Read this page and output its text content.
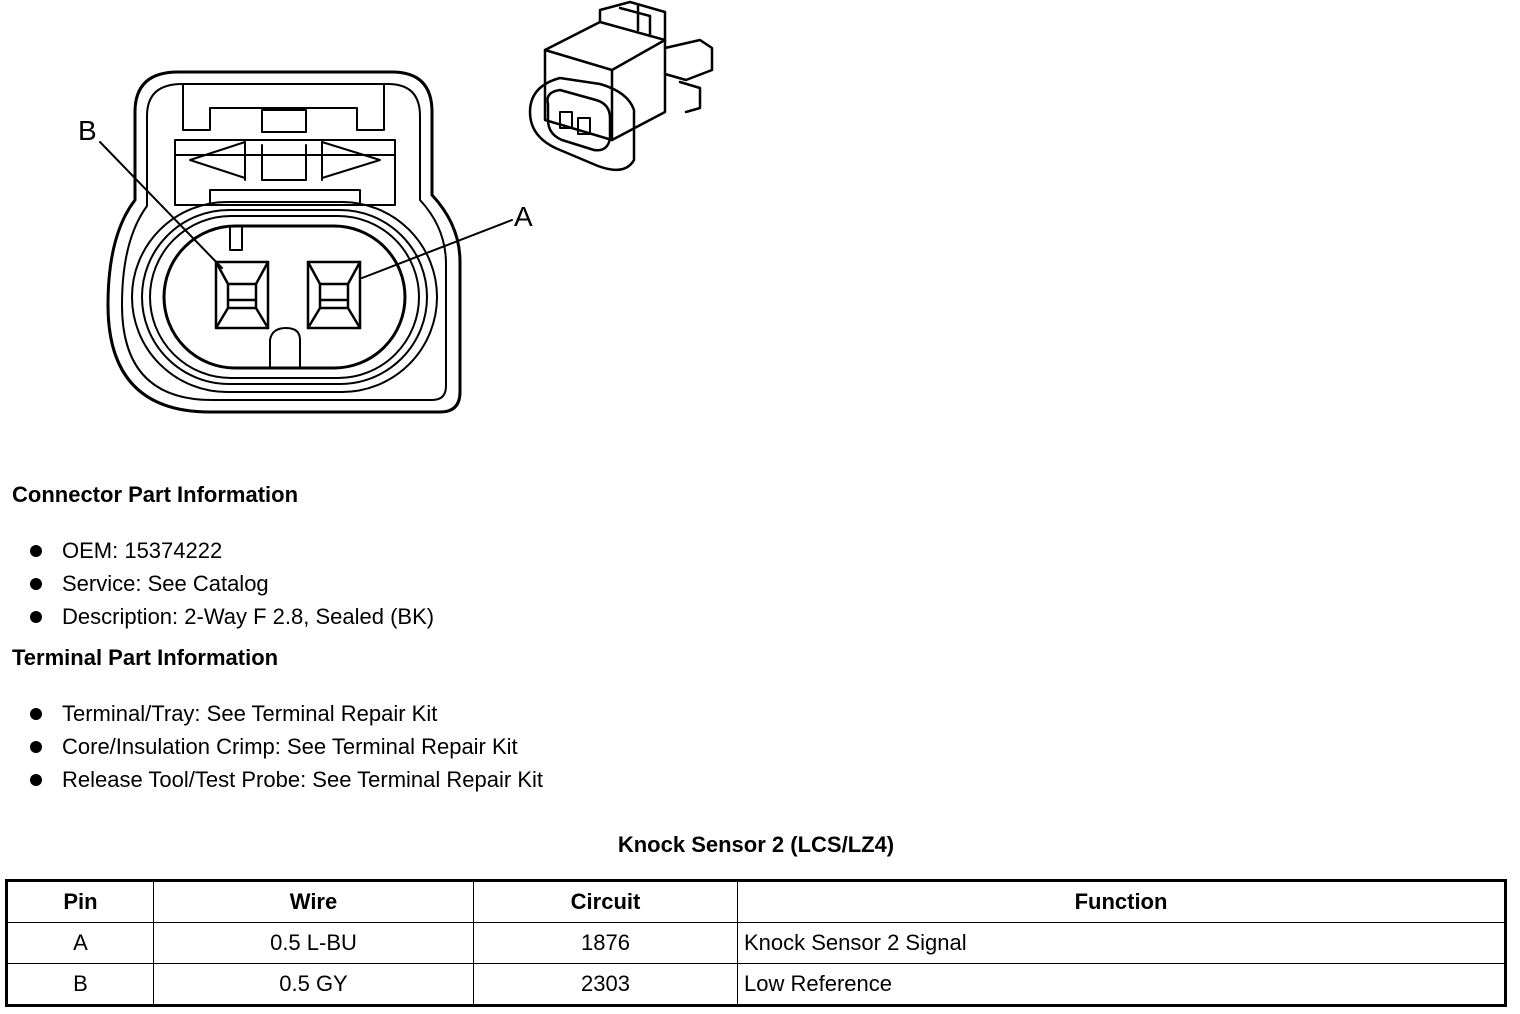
B
A
Connector Part Information
OEM: 15374222
Service: See Catalog
Description: 2-Way F 2.8, Sealed (BK)
Terminal Part Information
Terminal/Tray: See Terminal Repair Kit
Core/Insulation Crimp: See Terminal Repair Kit
Release Tool/Test Probe: See Terminal Repair Kit
Knock Sensor 2 (LCS/LZ4)
Pin	Wire	Circuit	Function
A	0.5 L-BU	1876	Knock Sensor 2 Signal
B	0.5 GY	2303	Low Reference
